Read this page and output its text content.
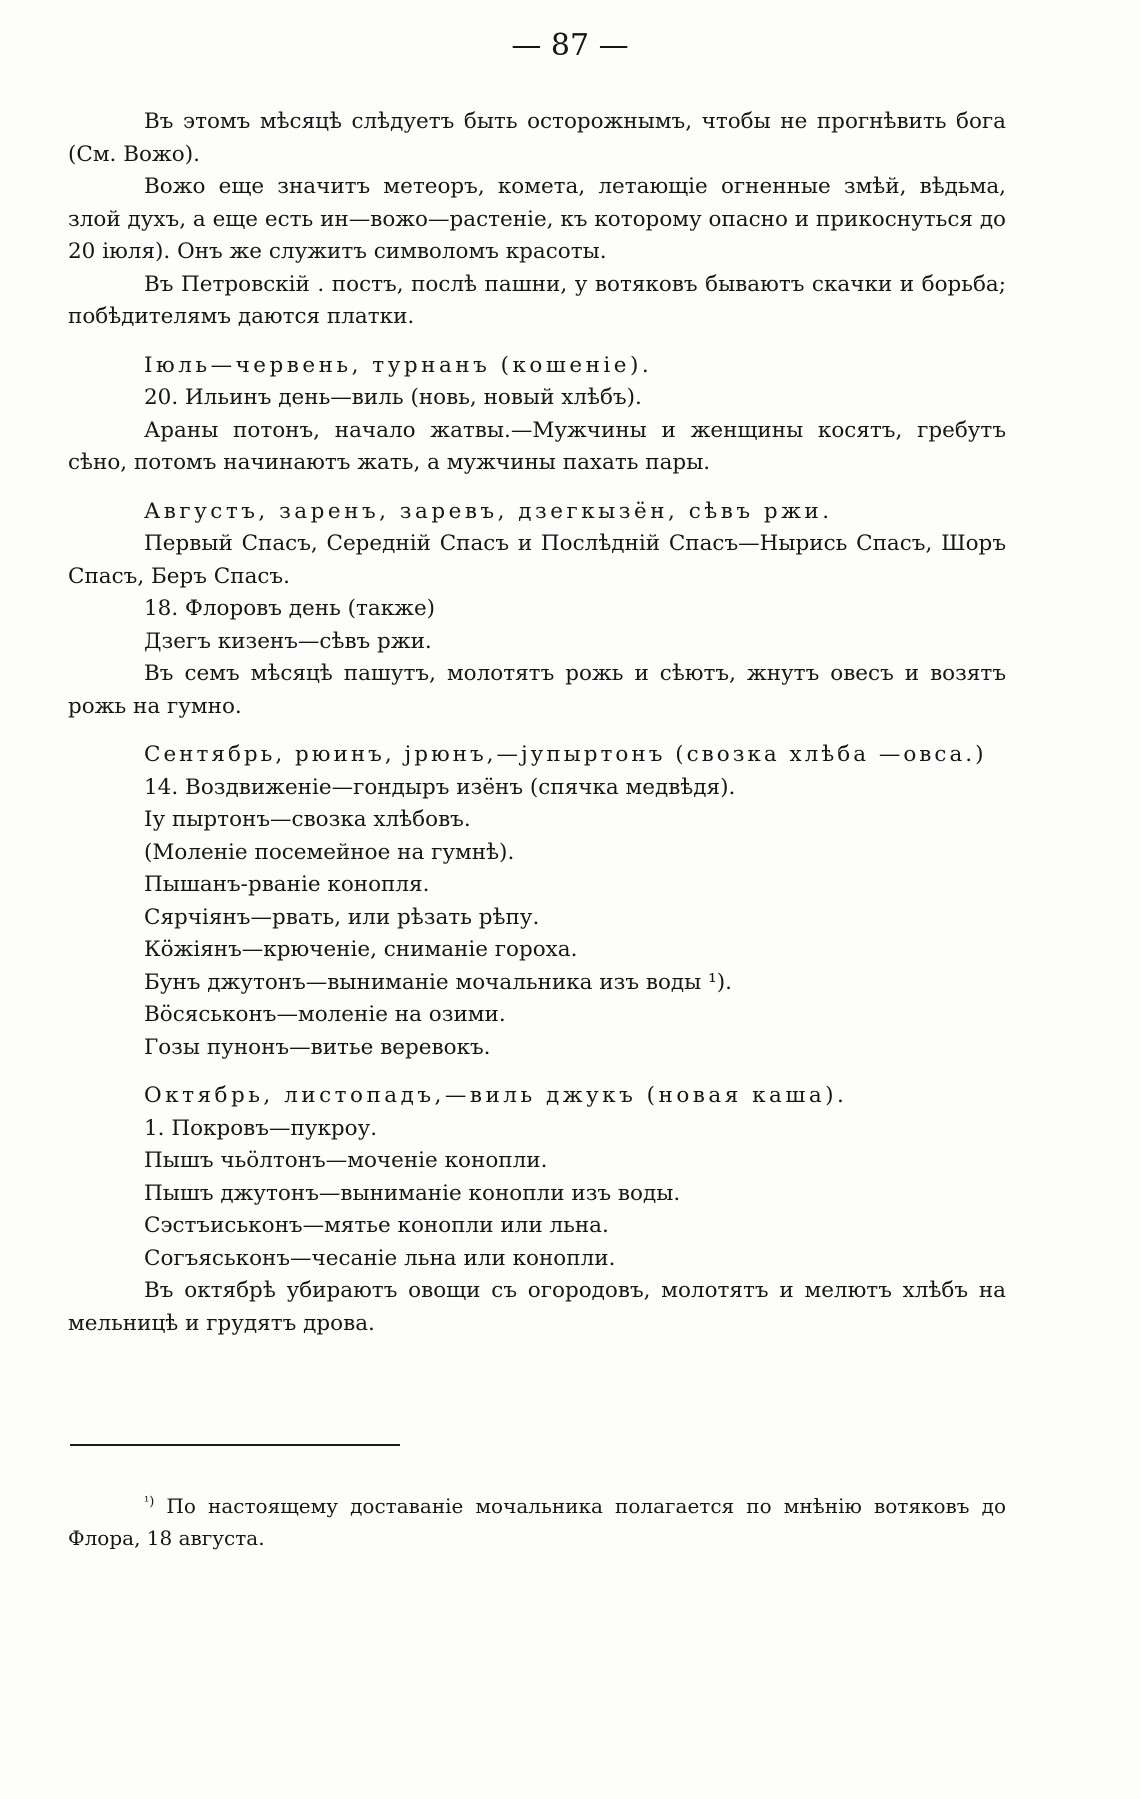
— 87 —

Въ этомъ мѣсяцѣ слѣдуетъ быть осторожнымъ, чтобы не прогнѣвить бога (См. Вожо).

Вожо еще значитъ метеоръ, комета, летающіе огненные змѣй, вѣдьма, злой духъ, а еще есть ин—вожо—растеніе, къ которому опасно и прикоснуться до 20 іюля). Онъ же служитъ символомъ красоты.

Въ Петровскій . постъ, послѣ пашни, у вотяковъ бываютъ скачки и борьба; побѣдителямъ даются платки.

Іюль—червень, турнанъ (кошеніе).

20. Ильинъ день—виль (новь, новый хлѣбъ).

Араны потонъ, начало жатвы.—Мужчины и женщины косятъ, гребутъ сѣно, потомъ начинаютъ жать, а мужчины пахать пары.

Августъ, заренъ, заревъ, дзегкызён, сѣвъ ржи.

Первый Спасъ, Середній Спасъ и Послѣдній Спасъ—Нырись Спасъ, Шоръ Спасъ, Беръ Спасъ.

18. Флоровъ день (также)

Дзегъ кизенъ—сѣвъ ржи.

Въ семъ мѣсяцѣ пашутъ, молотятъ рожь и сѣютъ, жнутъ овесъ и возятъ рожь на гумно.

Сентябрь, рюинъ, јрюнъ,—јупыртонъ (свозка хлѣба —овса.)

14. Воздвиженіе—гондыръ изёнъ (спячка медвѣдя).

Іу пыртонъ—свозка хлѣбовъ.

(Моленіе посемейное на гумнѣ).

Пышанъ-рваніе конопля.

Сярчіянъ—рвать, или рѣзать рѣпу.

Кöжіянъ—крюченіе, сниманіе гороха.

Бунъ джутонъ—выниманіе мочальника изъ воды ¹).

Вöсяськонъ—моленіе на озими.

Гозы пунонъ—витье веревокъ.

Октябрь, листопадъ,—виль джукъ (новая каша).

1. Покровъ—пукроу.

Пышъ чьöлтонъ—моченіе конопли.

Пышъ джутонъ—выниманіе конопли изъ воды.

Сэстъиськонъ—мятье конопли или льна.

Согъяськонъ—чесаніе льна или конопли.

Въ октябрѣ убираютъ овощи съ огородовъ, молотятъ и мелютъ хлѣбъ на мельницѣ и грудятъ дрова.

$^{^1)}$ По настоящему доставаніе мочальника полагается по мнѣнію вотяковъ до Флора, 18 августа.
